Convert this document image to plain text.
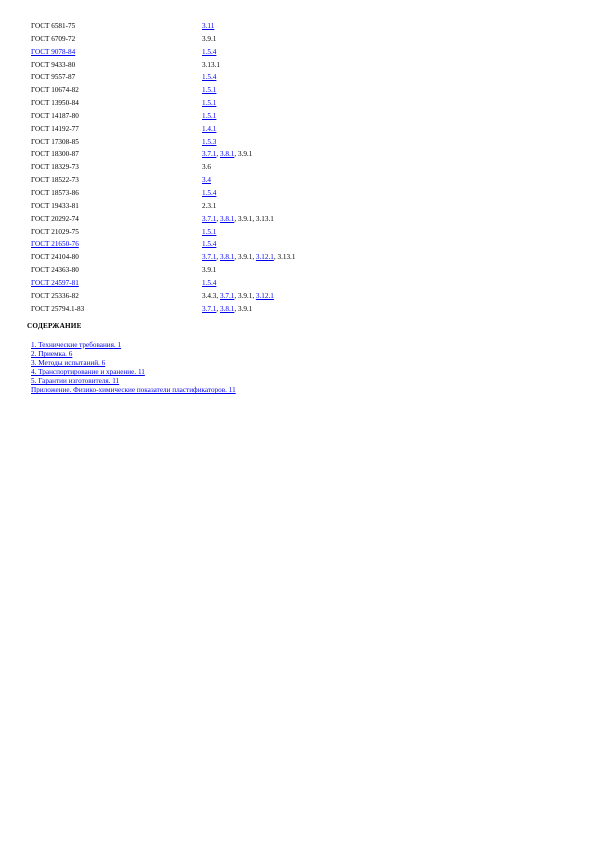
ГОСТ 6581-75	3.11
ГОСТ 6709-72	3.9.1
ГОСТ 9078-84	1.5.4
ГОСТ 9433-80	3.13.1
ГОСТ 9557-87	1.5.4
ГОСТ 10674-82	1.5.1
ГОСТ 13950-84	1.5.1
ГОСТ 14187-80	1.5.1
ГОСТ 14192-77	1.4.1
ГОСТ 17308-85	1.5.3
ГОСТ 18300-87	3.7.1, 3.8.1, 3.9.1
ГОСТ 18329-73	3.6
ГОСТ 18522-73	3.4
ГОСТ 18573-86	1.5.4
ГОСТ 19433-81	2.3.1
ГОСТ 20292-74	3.7.1, 3.8.1, 3.9.1, 3.13.1
ГОСТ 21029-75	1.5.1
ГОСТ 21650-76	1.5.4
ГОСТ 24104-80	3.7.1, 3.8.1, 3.9.1, 3.12.1, 3.13.1
ГОСТ 24363-80	3.9.1
ГОСТ 24597-81	1.5.4
ГОСТ 25336-82	3.4.3, 3.7.1, 3.9.1, 3.12.1
ГОСТ 25794.1-83	3.7.1, 3.8.1, 3.9.1
СОДЕРЖАНИЕ
1. Технические требования. 1
2. Приемка. 6
3. Методы испытаний. 6
4. Транспортирование и хранение. 11
5. Гарантии изготовителя. 11
Приложение. Физико-химические показатели пластификаторов. 11
